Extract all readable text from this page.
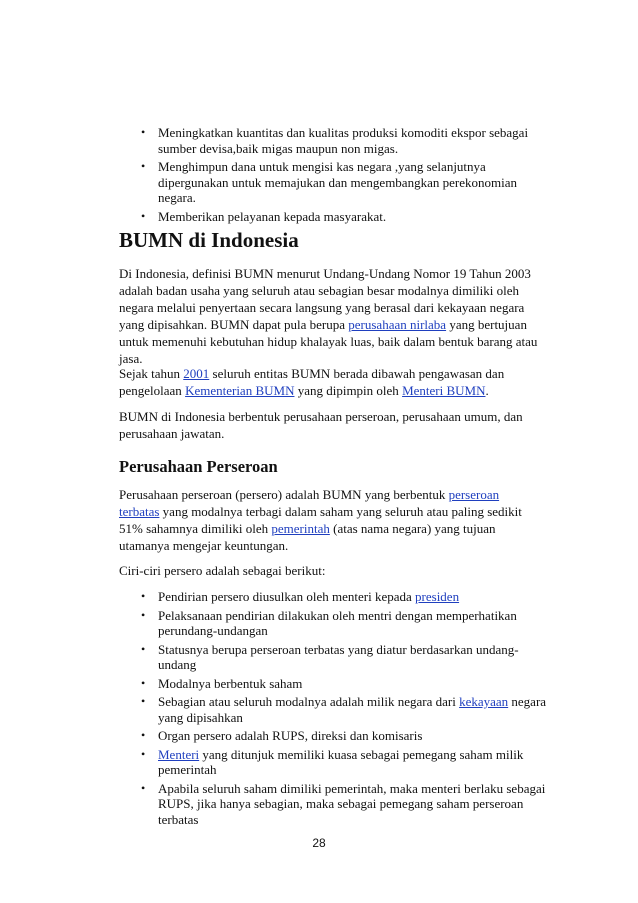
• Meningkatkan kuantitas dan kualitas produksi komoditi ekspor sebagai sumber devisa,baik migas maupun non migas.
• Menghimpun dana untuk mengisi kas negara ,yang selanjutnya dipergunakan untuk memajukan dan mengembangkan perekonomian negara.
• Memberikan pelayanan kepada masyarakat.
BUMN di Indonesia

Di Indonesia, definisi BUMN menurut Undang-Undang Nomor 19 Tahun 2003 adalah badan usaha yang seluruh atau sebagian besar modalnya dimiliki oleh negara melalui penyertaan secara langsung yang berasal dari kekayaan negara yang dipisahkan. BUMN dapat pula berupa perusahaan nirlaba yang bertujuan untuk memenuhi kebutuhan hidup khalayak luas, baik dalam bentuk barang atau jasa.

Sejak tahun 2001 seluruh entitas BUMN berada dibawah pengawasan dan pengelolaan Kementerian BUMN yang dipimpin oleh Menteri BUMN.

BUMN di Indonesia berbentuk perusahaan perseroan, perusahaan umum, dan perusahaan jawatan.

Perusahaan Perseroan

Perusahaan perseroan (persero) adalah BUMN yang berbentuk perseroan terbatas yang modalnya terbagi dalam saham yang seluruh atau paling sedikit 51% sahamnya dimiliki oleh pemerintah (atas nama negara) yang tujuan utamanya mengejar keuntungan.

Ciri-ciri persero adalah sebagai berikut:

• Pendirian persero diusulkan oleh menteri kepada presiden
• Pelaksanaan pendirian dilakukan oleh mentri dengan memperhatikan perundang-undangan
• Statusnya berupa perseroan terbatas yang diatur berdasarkan undang-undang
• Modalnya berbentuk saham
• Sebagian atau seluruh modalnya adalah milik negara dari kekayaan negara yang dipisahkan
• Organ persero adalah RUPS, direksi dan komisaris
• Menteri yang ditunjuk memiliki kuasa sebagai pemegang saham milik pemerintah
• Apabila seluruh saham dimiliki pemerintah, maka menteri berlaku sebagai RUPS, jika hanya sebagian, maka sebagai pemegang saham perseroan terbatas
28
